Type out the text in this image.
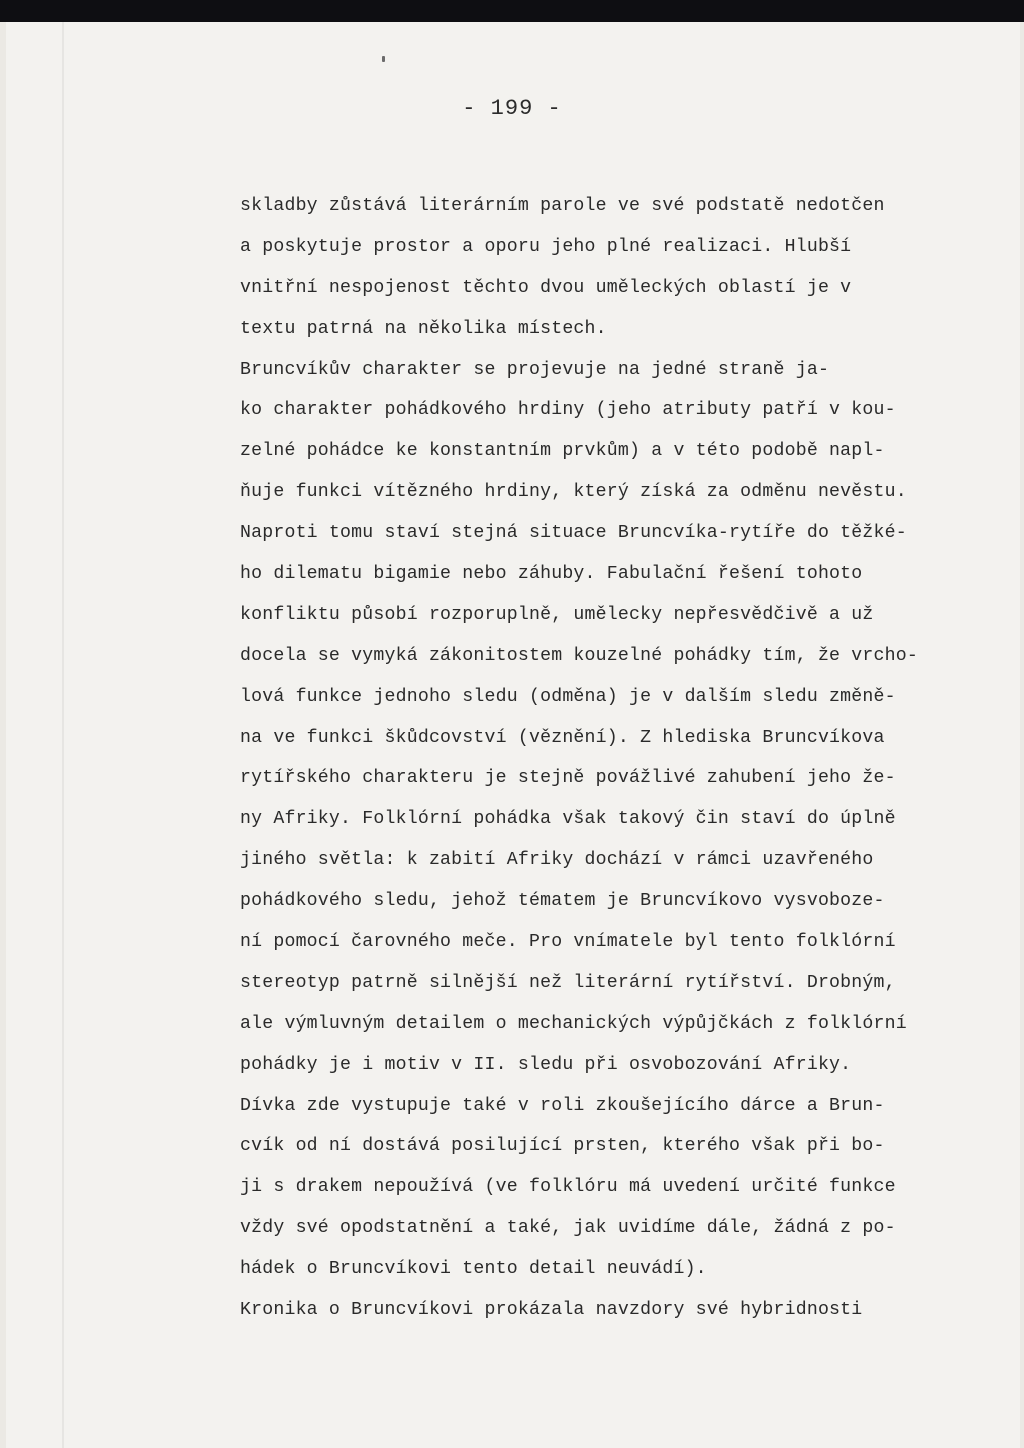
- 199 -
skladby zůstává literárním parole ve své podstatě nedotčen
a poskytuje prostor a oporu jeho plné realizaci. Hlubší
vnitřní nespojenost těchto dvou uměleckých oblastí je v
textu patrná na několika místech.
Bruncvíkův charakter se projevuje na jedné straně ja-
ko charakter pohádkového hrdiny (jeho atributy patří v kou-
zelné pohádce ke konstantním prvkům) a v této podobě napl-
ňuje funkci vítězného hrdiny, který získá za odměnu nevěstu.
Naproti tomu staví stejná situace Bruncvíka-rytíře do těžké-
ho dilematu bigamie nebo záhuby. Fabulační řešení tohoto
konfliktu působí rozporuplně, umělecky nepřesvědčivě a už
docela se vymyká zákonitostem kouzelné pohádky tím, že vrcho-
lová funkce jednoho sledu (odměna) je v dalším sledu změně-
na ve funkci škůdcovství (věznění). Z hlediska Bruncvíkova
rytířského charakteru je stejně povážlivé zahubení jeho že-
ny Afriky. Folklórní pohádka však takový čin staví do úplně
jiného světla: k zabití Afriky dochází v rámci uzavřeného
pohádkového sledu, jehož tématem je Bruncvíkovo vysvoboze-
ní pomocí čarovného meče. Pro vnímatele byl tento folklórní
stereotyp patrně silnější než literární rytířství. Drobným,
ale výmluvným detailem o mechanických výpůjčkách z folklórní
pohádky je i motiv v II. sledu při osvobozování Afriky.
Dívka zde vystupuje také v roli zkoušejícího dárce a Brun-
cvík od ní dostává posilující prsten, kterého však při bo-
ji s drakem nepoužívá (ve folklóru má uvedení určité funkce
vždy své opodstatnění a také, jak uvidíme dále, žádná z po-
hádek o Bruncvíkovi tento detail neuvádí).
Kronika o Bruncvíkovi prokázala navzdory své hybridnosti
